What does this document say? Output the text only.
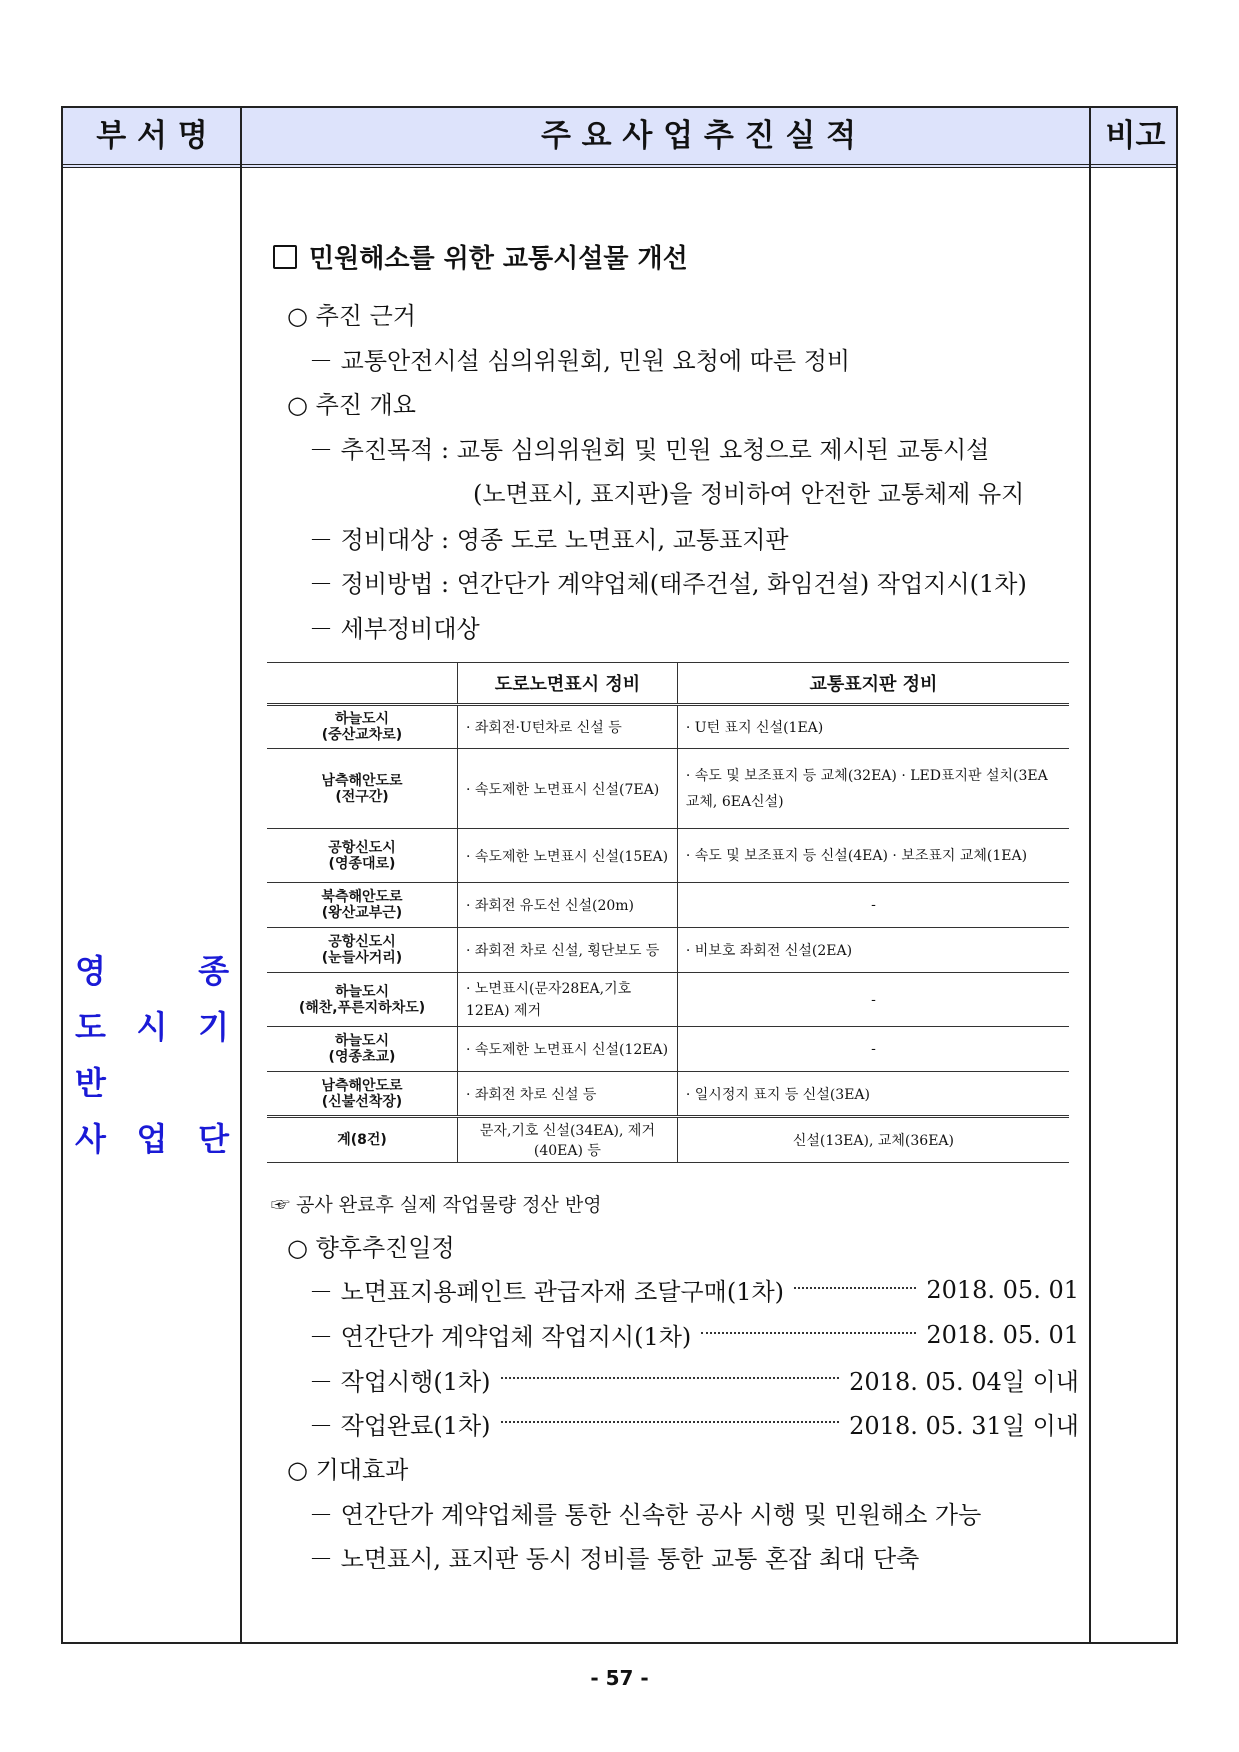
부 서 명	주 요 사 업 추 진 실 적	비고
영 종
도 시 기 반
사 업 단
민원해소를 위한 교통시설물 개선
○ 추진 근거
－ 교통안전시설 심의위원회, 민원 요청에 따른 정비
○ 추진 개요
－ 추진목적 : 교통 심의위원회 및 민원 요청으로 제시된 교통시설
(노면표시, 표지판)을 정비하여 안전한 교통체제 유지
－ 정비대상 : 영종 도로 노면표시, 교통표지판
－ 정비방법 : 연간단가 계약업체(태주건설, 화임건설) 작업지시(1차)
－ 세부정비대상
	도로노면표시 정비	교통표지판 정비

하늘도시
(중산교차로)	· 좌회전·U턴차로 신설 등	· U턴 표지 신설(1EA)

남측해안도로
(전구간)	· 속도제한 노면표시 신설(7EA)	· 속도 및 보조표지 등 교체(32EA) · LED표지판 설치(3EA교체, 6EA신설)

공항신도시
(영종대로)	· 속도제한 노면표시 신설(15EA)	· 속도 및 보조표지 등 신설(4EA) · 보조표지 교체(1EA)

북측해안도로
(왕산교부근)	· 좌회전 유도선 신설(20m)	-

공항신도시
(눈들사거리)	· 좌회전 차로 신설, 횡단보도 등	· 비보호 좌회전 신설(2EA)

하늘도시
(해찬,푸른지하차도)	· 노면표시(문자28EA,기호12EA) 제거	-

하늘도시
(영종초교)	· 속도제한 노면표시 신설(12EA)	-

남측해안도로
(신불선착장)	· 좌회전 차로 신설 등	· 일시정지 표지 등 신설(3EA)
계(8건)	문자,기호 신설(34EA), 제거(40EA) 등	신설(13EA), 교체(36EA)
☞ 공사 완료후 실제 작업물량 정산 반영
○ 향후추진일정
－ 노면표지용페인트 관급자재 조달구매(1차)	2018. 05. 01
－ 연간단가 계약업체 작업지시(1차)	2018. 05. 01
－ 작업시행(1차)	2018. 05. 04일 이내
－ 작업완료(1차)	2018. 05. 31일 이내
○ 기대효과
－ 연간단가 계약업체를 통한 신속한 공사 시행 및 민원해소 가능
－ 노면표시, 표지판 동시 정비를 통한 교통 혼잡 최대 단축
- 57 -
